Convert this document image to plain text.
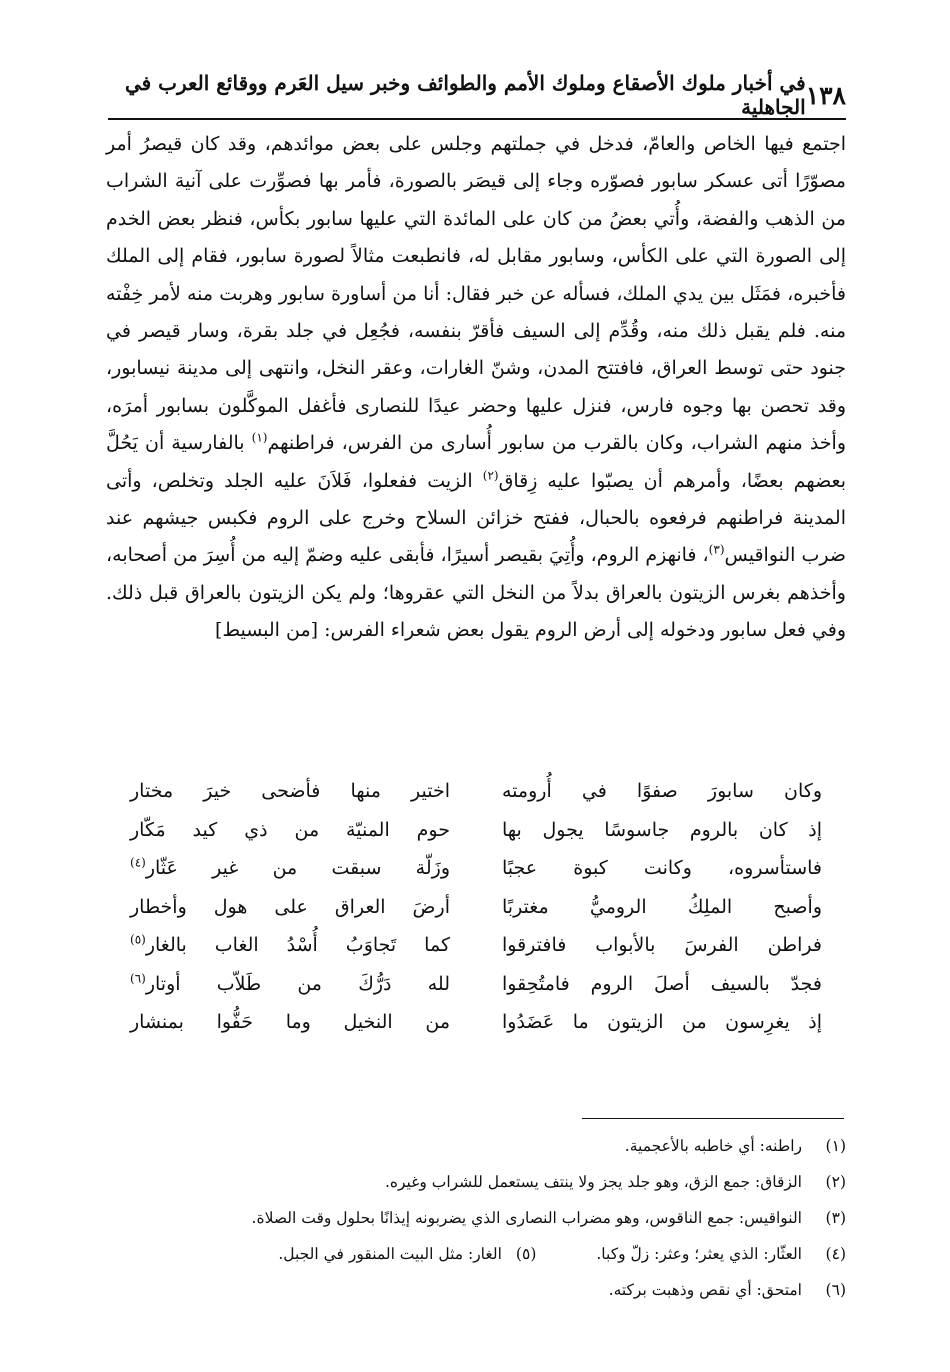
١٣٨
في أخبار ملوك الأصقاع وملوك الأمم والطوائف وخبر سيل العَرم ووقائع العرب في الجاهلية

اجتمع فيها الخاص والعامّ، فدخل في جملتهم وجلس على بعض موائدهم، وقد كان قيصرُ أمر مصوّرًا أتى عسكر سابور فصوّره وجاء إلى قيصَر بالصورة، فأمر بها فصوِّرت على آنية الشراب من الذهب والفضة، وأُتي بعضُ من كان على المائدة التي عليها سابور بكأس، فنظر بعض الخدم إلى الصورة التي على الكأس، وسابور مقابل له، فانطبعت مثالاً لصورة سابور، فقام إلى الملك فأخبره، فمَثَل بين يدي الملك، فسأله عن خبر فقال: أنا من أساورة سابور وهربت منه لأمر خِفْته منه. فلم يقبل ذلك منه، وقُدِّم إلى السيف فأقرّ بنفسه، فجُعِل في جلد بقرة، وسار قيصر في جنود حتى توسط العراق، فافتتح المدن، وشنّ الغارات، وعقر النخل، وانتهى إلى مدينة نيسابور، وقد تحصن بها وجوه فارس، فنزل عليها وحضر عيدًا للنصارى فأغفل الموكَّلون بسابور أمرَه، وأخذ منهم الشراب، وكان بالقرب من سابور أُسارى من الفرس، فراطنهم$^{(١)}$ بالفارسية أن يَحُلَّ بعضهم بعضًا، وأمرهم أن يصبّوا عليه زِقاق$^{(٢)}$ الزيت ففعلوا، فَلاَنَ عليه الجلد وتخلص، وأتى المدينة فراطنهم فرفعوه بالحبال، ففتح خزائن السلاح وخرج على الروم فكبس جيشهم عند ضرب النواقيس$^{(٣)}$، فانهزم الروم، وأُتِيَ بقيصر أسيرًا، فأبقى عليه وضمّ إليه من أُسِرَ من أصحابه، وأخذهم بغرس الزيتون بالعراق بدلاً من النخل التي عقروها؛ ولم يكن الزيتون بالعراق قبل ذلك. وفي فعل سابور ودخوله إلى أرض الروم يقول بعض شعراء الفرس: [من البسيط]

وكان سابورَ صفوًا في أُرومته
اختير منها فأضحى خيرَ مختار
إذ كان بالروم جاسوسًا يجول بها
حوم المنيّة من ذي كيد مَكّار
فاستأسروه، وكانت كبوة عجبًا
وزَلّة سبقت من غير عَثّار$^{(٤)}$
وأصبح الملِكُ الروميُّ مغتربًا
أرضَ العراق على هول وأخطار
فراطن الفرسَ بالأبواب فافترقوا
كما تَجاوَبُ أُسْدُ الغاب بالغار$^{(٥)}$
فجدّ بالسيف أصلَ الروم فامتُحِقوا
لله دَرُّكَ من طَلاّب أوتار$^{(٦)}$
إذ يغرِسون من الزيتون ما عَضَدُوا
من النخيل وما حَفُّوا بمنشار
(١)
راطنه: أي خاطبه بالأعجمية.
(٢)
الزقاق: جمع الزق، وهو جلد يجز ولا ينتف يستعمل للشراب وغيره.
(٣)
النواقيس: جمع الناقوس، وهو مضراب النصارى الذي يضربونه إيذانًا بحلول وقت الصلاة.
(٤)
العثّار: الذي يعثر؛ وعثر: زلّ وكبا.
(٥)
الغار: مثل البيت المنقور في الجبل.
(٦)
امتحق: أي نقص وذهبت بركته.
